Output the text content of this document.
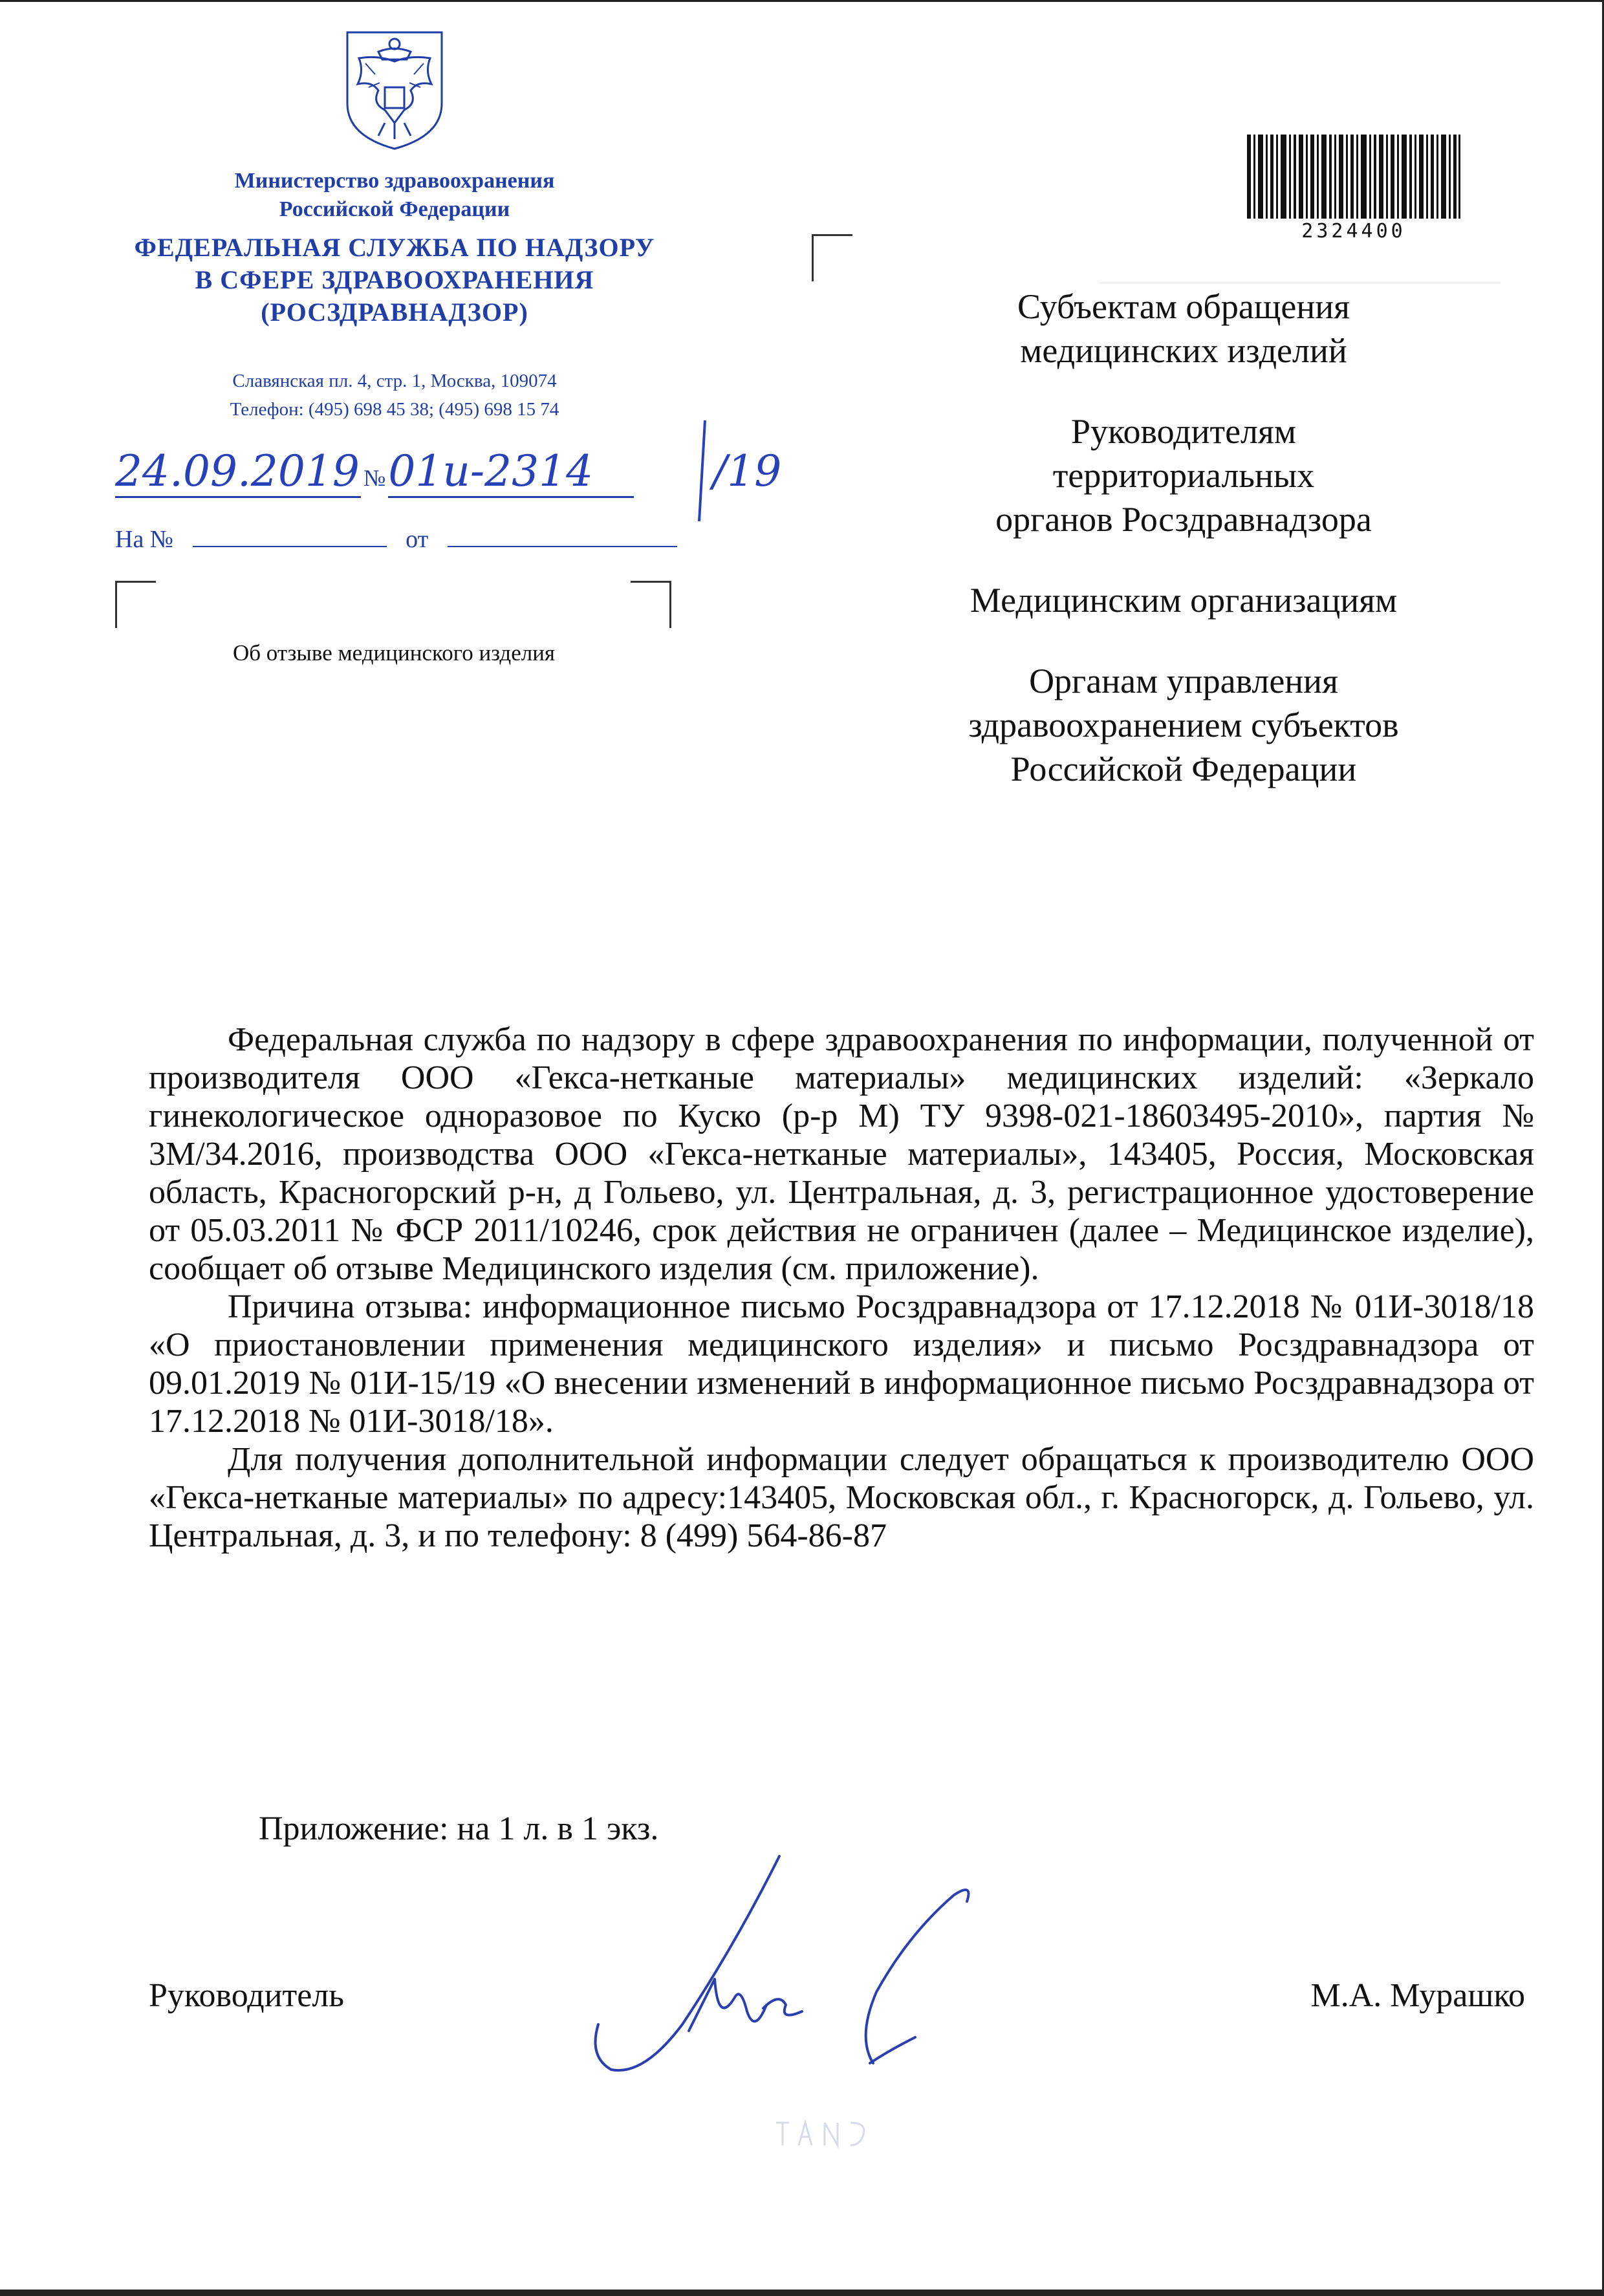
Министерство здравоохранения
Российской Федерации
ФЕДЕРАЛЬНАЯ СЛУЖБА ПО НАДЗОРУ
В СФЕРЕ ЗДРАВООХРАНЕНИЯ
(РОСЗДРАВНАДЗОР)
Славянская пл. 4, стр. 1, Москва, 109074
Телефон: (495) 698 45 38; (495) 698 15 74
24.09.2019 № 01и-2314	/19
На №	от
Об отзыве медицинского изделия
2324400

Субъектам обращения
медицинских изделий

Руководителям
территориальных
органов Росздравнадзора

Медицинским организациям

Органам управления
здравоохранением субъектов
Российской Федерации

Федеральная служба по надзору в сфере здравоохранения по информации, полученной от производителя ООО «Гекса-нетканые материалы» медицинских изделий: «Зеркало гинекологическое одноразовое по Куско (р-р М) ТУ 9398-021-18603495-2010», партия № 3М/34.2016, производства ООО «Гекса-нетканые материалы», 143405, Россия, Московская область, Красногорский р-н, д Гольево, ул. Центральная, д. 3, регистрационное удостоверение от 05.03.2011 № ФСР 2011/10246, срок действия не ограничен (далее – Медицинское изделие), сообщает об отзыве Медицинского изделия (см. приложение).

Причина отзыва: информационное письмо Росздравнадзора от 17.12.2018 № 01И-3018/18 «О приостановлении применения медицинского изделия» и письмо Росздравнадзора от 09.01.2019 № 01И-15/19 «О внесении изменений в информационное письмо Росздравнадзора от 17.12.2018 № 01И-3018/18».

Для получения дополнительной информации следует обращаться к производителю ООО «Гекса-нетканые материалы» по адресу:143405, Московская обл., г. Красногорск, д. Гольево, ул. Центральная, д. 3, и по телефону: 8 (499) 564-86-87

Приложение: на 1 л. в 1 экз.
Руководитель	М.А. Мурашко
